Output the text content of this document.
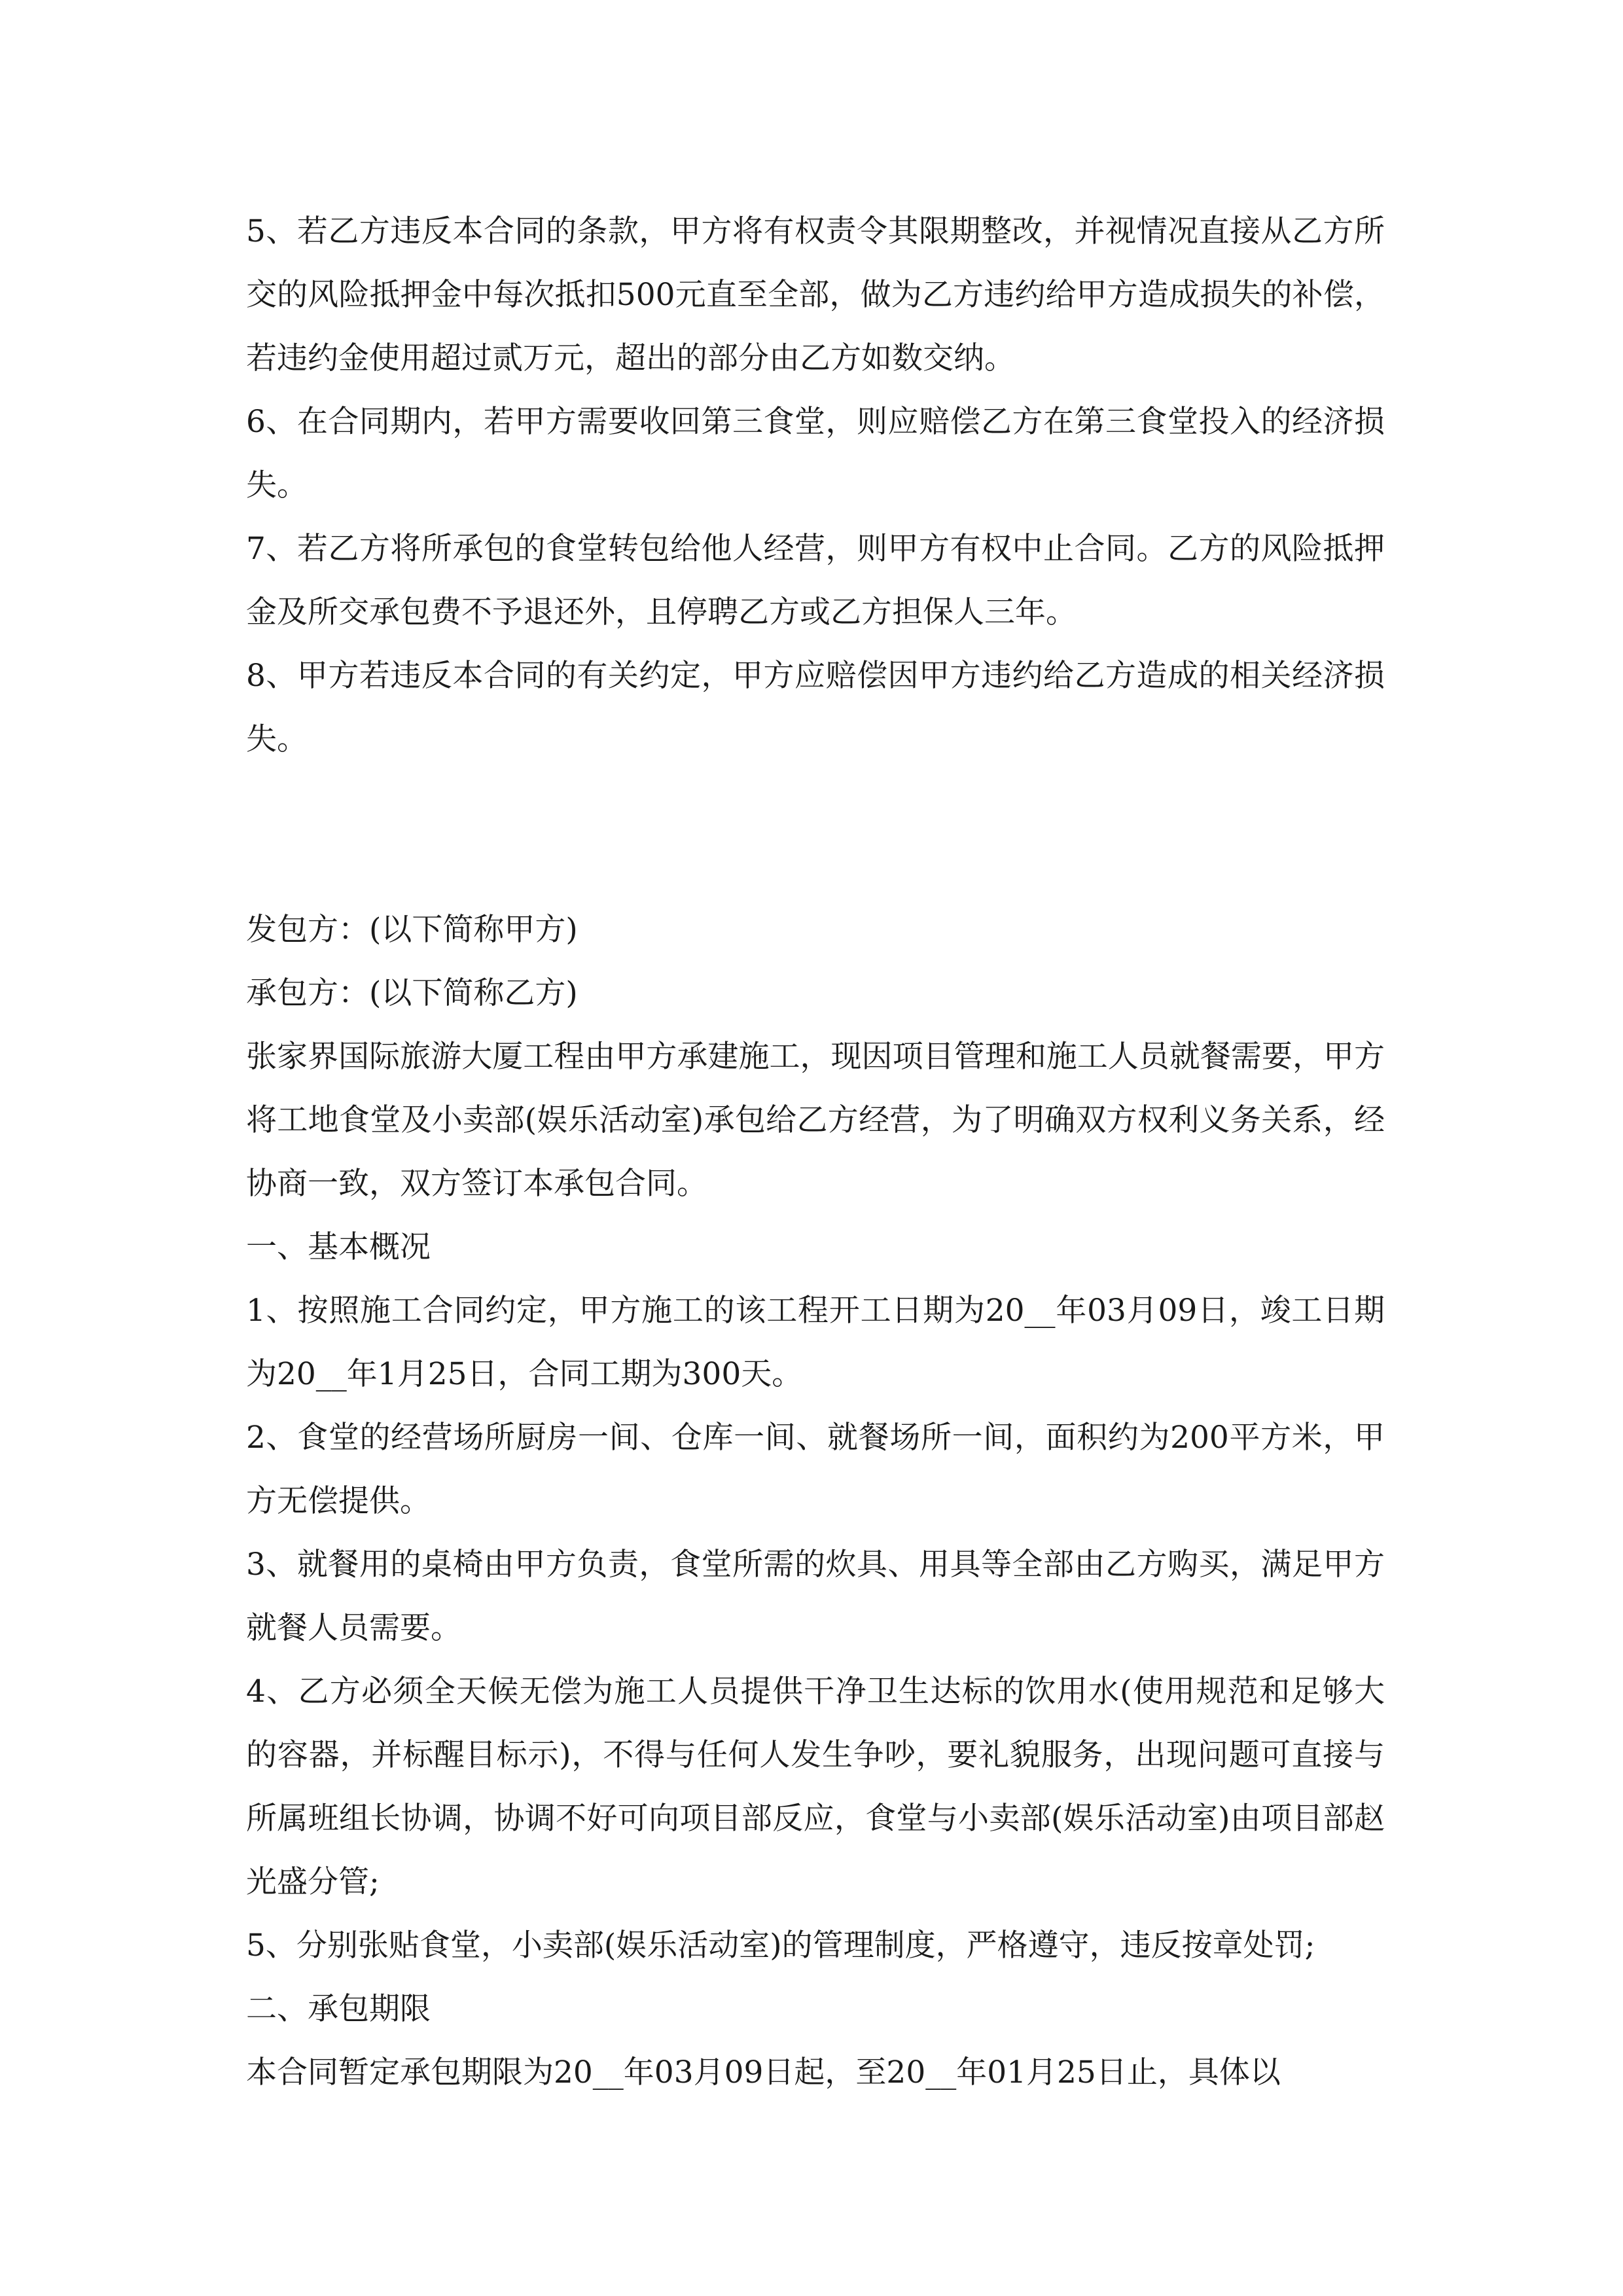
5、若乙方违反本合同的条款，甲方将有权责令其限期整改，并视情况直接从乙方所交的风险抵押金中每次抵扣500元直至全部，做为乙方违约给甲方造成损失的补偿，若违约金使用超过贰万元，超出的部分由乙方如数交纳。

6、在合同期内，若甲方需要收回第三食堂，则应赔偿乙方在第三食堂投入的经济损失。

7、若乙方将所承包的食堂转包给他人经营，则甲方有权中止合同。乙方的风险抵押金及所交承包费不予退还外，且停聘乙方或乙方担保人三年。

8、甲方若违反本合同的有关约定，甲方应赔偿因甲方违约给乙方造成的相关经济损失。

发包方：(以下简称甲方)

承包方：(以下简称乙方)

张家界国际旅游大厦工程由甲方承建施工，现因项目管理和施工人员就餐需要，甲方将工地食堂及小卖部(娱乐活动室)承包给乙方经营，为了明确双方权利义务关系，经协商一致，双方签订本承包合同。

一、基本概况

1、按照施工合同约定，甲方施工的该工程开工日期为20__年03月09日，竣工日期为20__年1月25日，合同工期为300天。

2、食堂的经营场所厨房一间、仓库一间、就餐场所一间，面积约为200平方米，甲方无偿提供。

3、就餐用的桌椅由甲方负责，食堂所需的炊具、用具等全部由乙方购买，满足甲方就餐人员需要。

4、乙方必须全天候无偿为施工人员提供干净卫生达标的饮用水(使用规范和足够大的容器，并标醒目标示)，不得与任何人发生争吵，要礼貌服务，出现问题可直接与所属班组长协调，协调不好可向项目部反应，食堂与小卖部(娱乐活动室)由项目部赵光盛分管;

5、分别张贴食堂，小卖部(娱乐活动室)的管理制度，严格遵守，违反按章处罚;

二、承包期限

本合同暂定承包期限为20__年03月09日起，至20__年01月25日止，具体以
